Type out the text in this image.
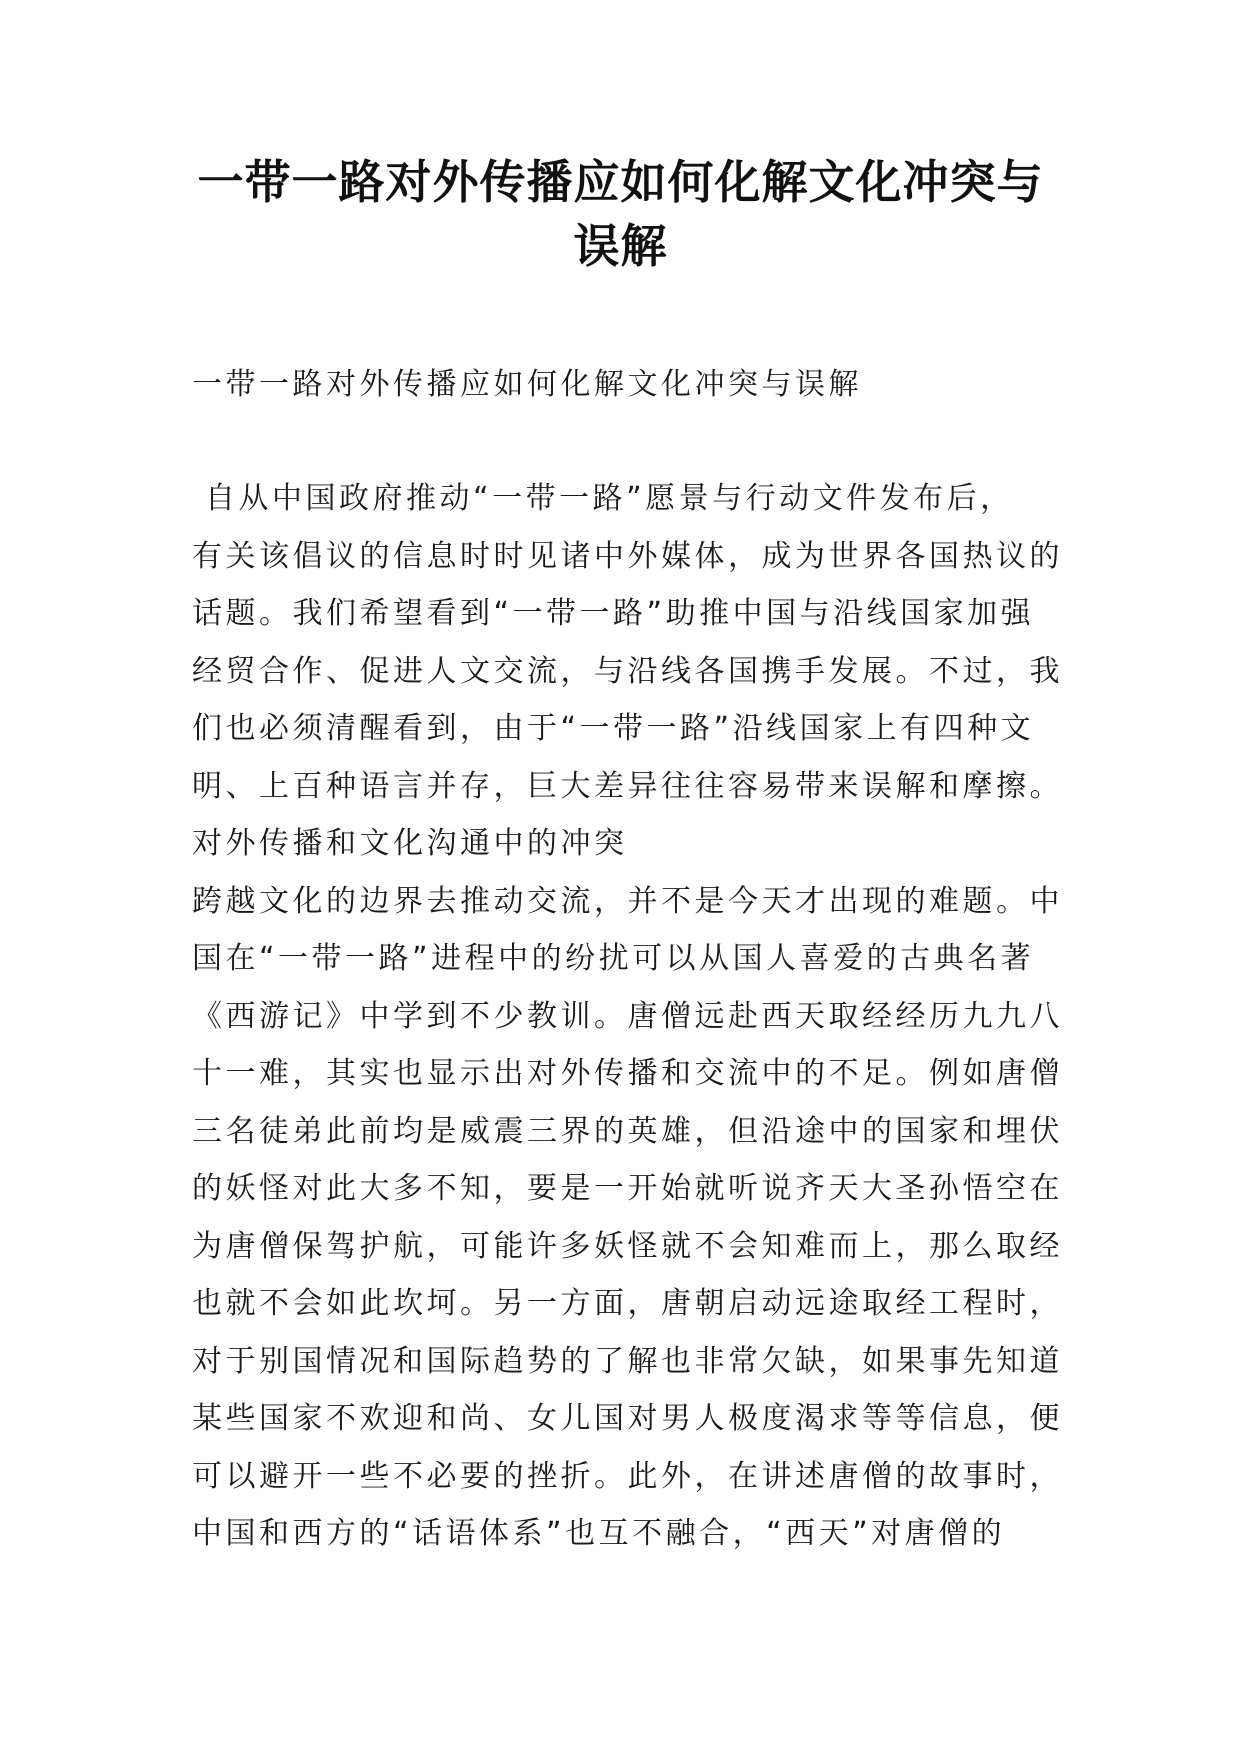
一带一路对外传播应如何化解文化冲突与
误解
一带一路对外传播应如何化解文化冲突与误解
自从中国政府推动“一带一路”愿景与行动文件发布后，
有关该倡议的信息时时见诸中外媒体，成为世界各国热议的
话题。我们希望看到“一带一路”助推中国与沿线国家加强
经贸合作、促进人文交流，与沿线各国携手发展。不过，我
们也必须清醒看到，由于“一带一路”沿线国家上有四种文
明、上百种语言并存，巨大差异往往容易带来误解和摩擦。
对外传播和文化沟通中的冲突
跨越文化的边界去推动交流，并不是今天才出现的难题。中
国在“一带一路”进程中的纷扰可以从国人喜爱的古典名著
《西游记》中学到不少教训。唐僧远赴西天取经经历九九八
十一难，其实也显示出对外传播和交流中的不足。例如唐僧
三名徒弟此前均是威震三界的英雄，但沿途中的国家和埋伏
的妖怪对此大多不知，要是一开始就听说齐天大圣孙悟空在
为唐僧保驾护航，可能许多妖怪就不会知难而上，那么取经
也就不会如此坎坷。另一方面，唐朝启动远途取经工程时，
对于别国情况和国际趋势的了解也非常欠缺，如果事先知道
某些国家不欢迎和尚、女儿国对男人极度渴求等等信息，便
可以避开一些不必要的挫折。此外，在讲述唐僧的故事时，
中国和西方的“话语体系”也互不融合，“西天”对唐僧的
